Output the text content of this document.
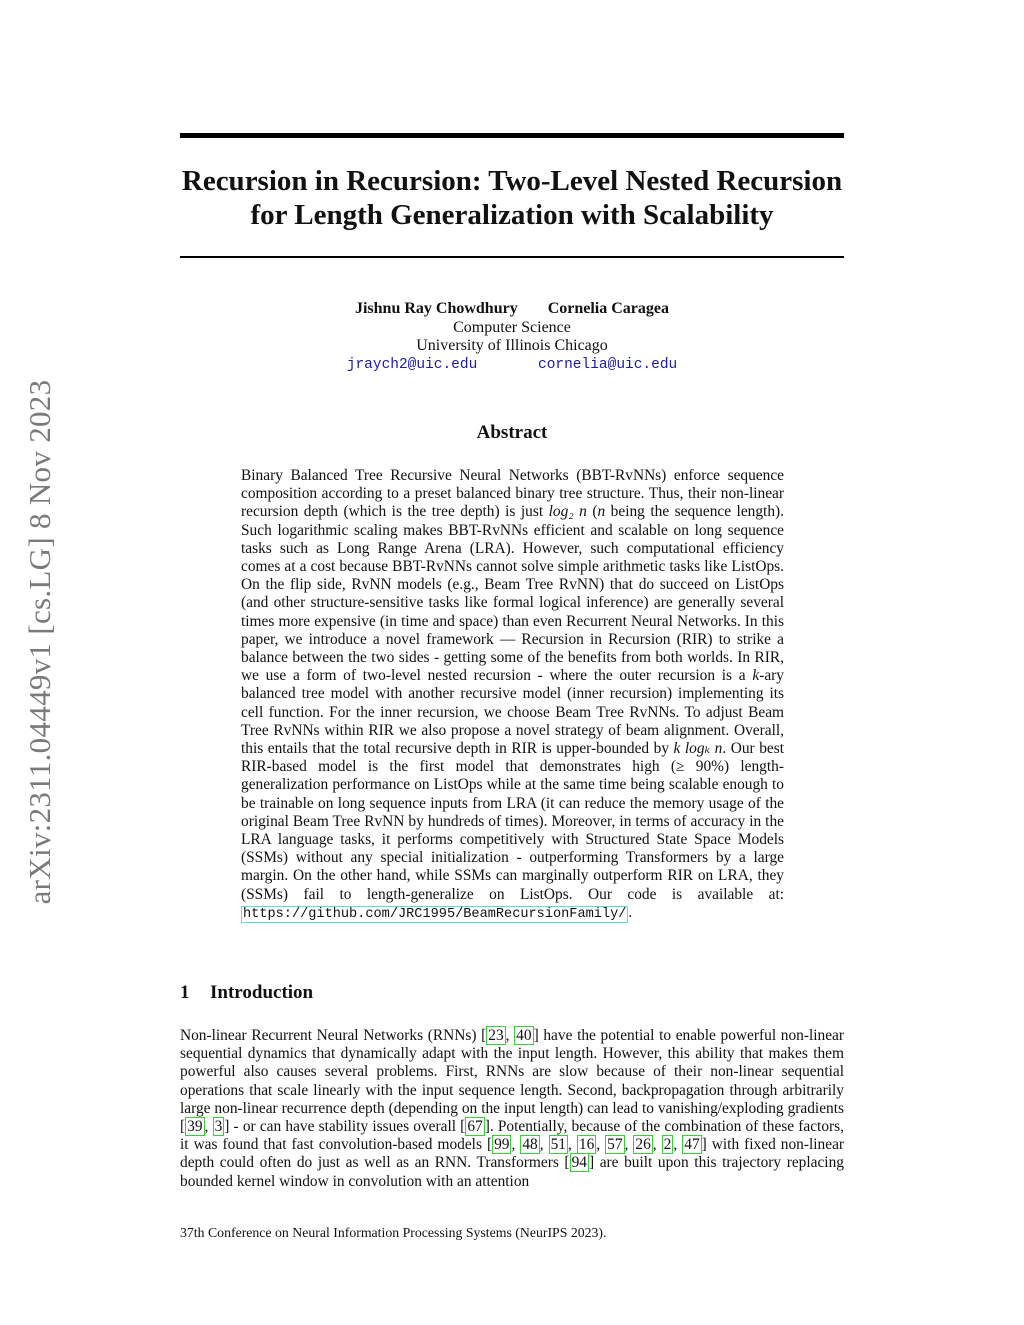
arXiv:2311.04449v1 [cs.LG] 8 Nov 2023
Recursion in Recursion: Two-Level Nested Recursion
for Length Generalization with Scalability
Jishnu Ray Chowdhury Cornelia Caragea
Computer Science
University of Illinois Chicago
jraych2@uic.edu	cornelia@uic.edu
Abstract

Binary Balanced Tree Recursive Neural Networks (BBT-RvNNs) enforce sequence composition according to a preset balanced binary tree structure. Thus, their non-linear recursion depth (which is the tree depth) is just log₂ n (n being the sequence length). Such logarithmic scaling makes BBT-RvNNs efficient and scalable on long sequence tasks such as Long Range Arena (LRA). However, such computational efficiency comes at a cost because BBT-RvNNs cannot solve simple arithmetic tasks like ListOps. On the flip side, RvNN models (e.g., Beam Tree RvNN) that do succeed on ListOps (and other structure-sensitive tasks like formal logical inference) are generally several times more expensive (in time and space) than even Recurrent Neural Networks. In this paper, we introduce a novel framework — Recursion in Recursion (RIR) to strike a balance between the two sides - getting some of the benefits from both worlds. In RIR, we use a form of two-level nested recursion - where the outer recursion is a k-ary balanced tree model with another recursive model (inner recursion) implementing its cell function. For the inner recursion, we choose Beam Tree RvNNs. To adjust Beam Tree RvNNs within RIR we also propose a novel strategy of beam alignment. Overall, this entails that the total recursive depth in RIR is upper-bounded by k logₖ n. Our best RIR-based model is the first model that demonstrates high (≥ 90%) length-generalization performance on ListOps while at the same time being scalable enough to be trainable on long sequence inputs from LRA (it can reduce the memory usage of the original Beam Tree RvNN by hundreds of times). Moreover, in terms of accuracy in the LRA language tasks, it performs competitively with Structured State Space Models (SSMs) without any special initialization - outperforming Transformers by a large margin. On the other hand, while SSMs can marginally outperform RIR on LRA, they (SSMs) fail to length-generalize on ListOps. Our code is available at: https://github.com/JRC1995/BeamRecursionFamily/ .

1 Introduction

Non-linear Recurrent Neural Networks (RNNs) [ 23 , 40 ] have the potential to enable powerful non-linear sequential dynamics that dynamically adapt with the input length. However, this ability that makes them powerful also causes several problems. First, RNNs are slow because of their non-linear sequential operations that scale linearly with the input sequence length. Second, backpropagation through arbitrarily large non-linear recurrence depth (depending on the input length) can lead to vanishing/exploding gradients [ 39 , 3 ] - or can have stability issues overall [ 67 ]. Potentially, because of the combination of these factors, it was found that fast convolution-based models [ 99 , 48 , 51 , 16 , 57 , 26 , 2 , 47 ] with fixed non-linear depth could often do just as well as an RNN. Transformers [ 94 ] are built upon this trajectory replacing bounded kernel window in convolution with an attention

37th Conference on Neural Information Processing Systems (NeurIPS 2023).
